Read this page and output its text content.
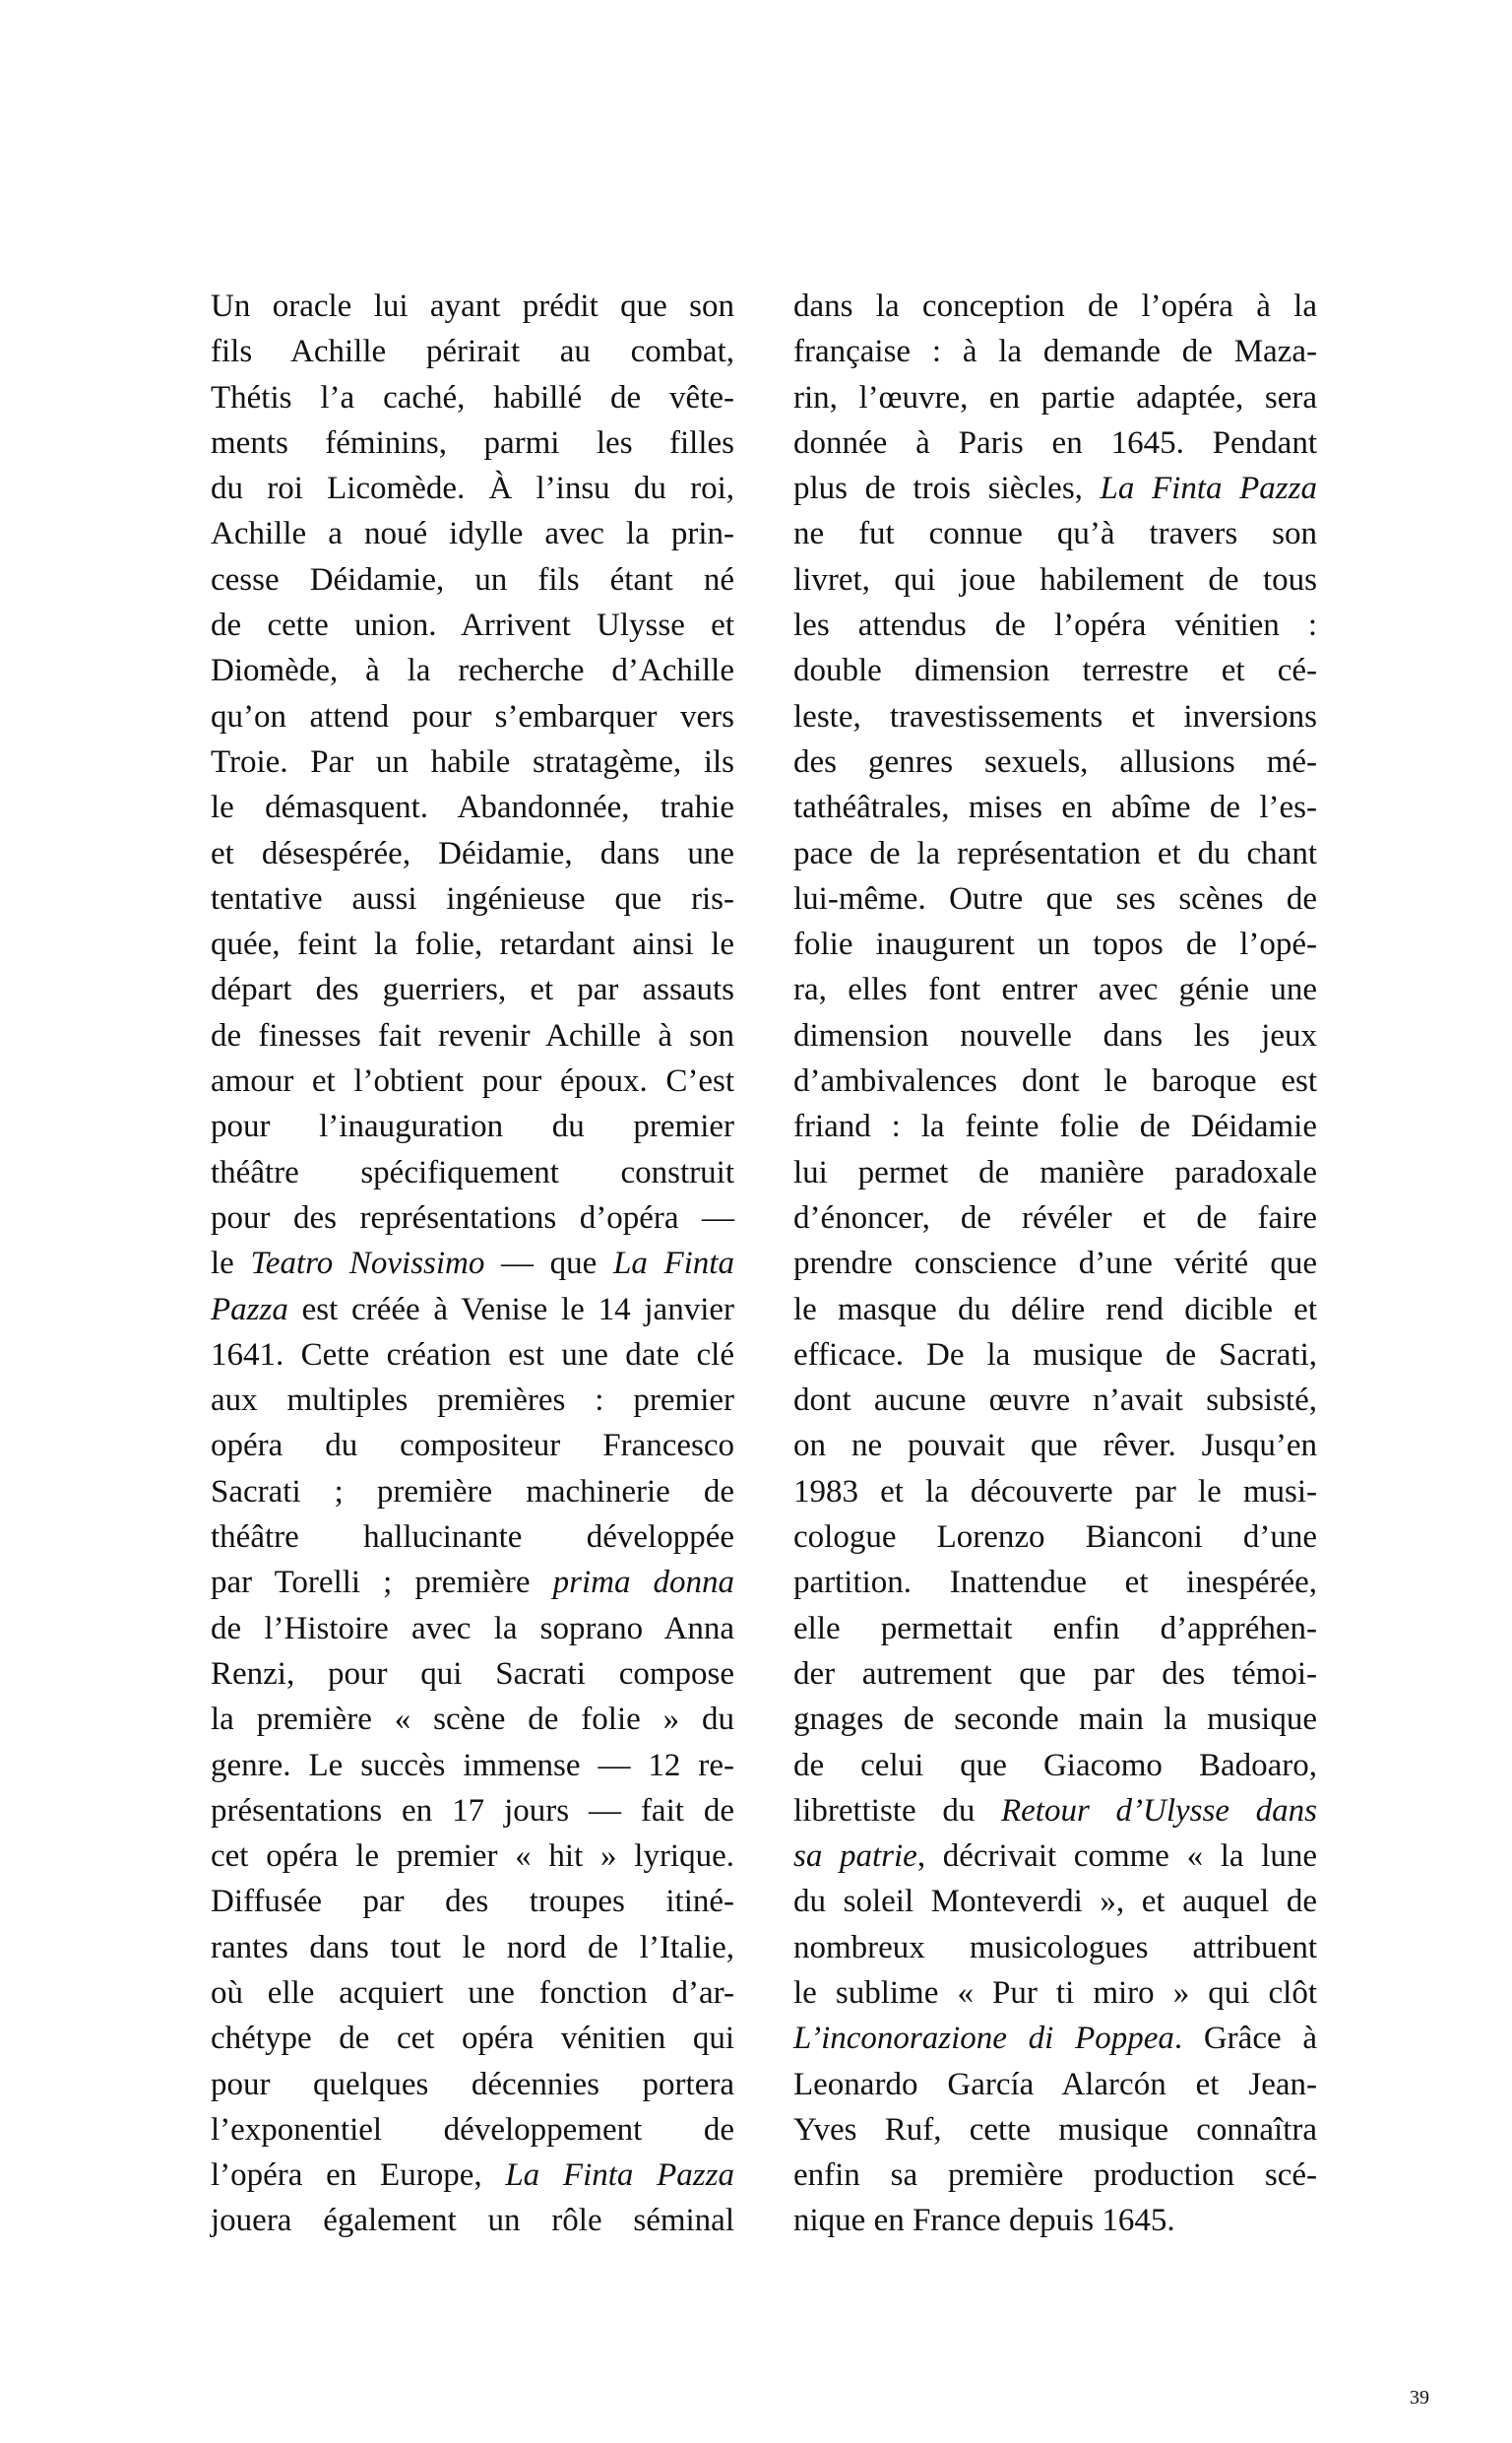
Un oracle lui ayant prédit que son
fils Achille périrait au combat,
Thétis l’a caché, habillé de vête-
ments féminins, parmi les filles
du roi Licomède. À l’insu du roi,
Achille a noué idylle avec la prin-
cesse Déidamie, un fils étant né
de cette union. Arrivent Ulysse et
Diomède, à la recherche d’Achille
qu’on attend pour s’embarquer vers
Troie. Par un habile stratagème, ils
le démasquent. Abandonnée, trahie
et désespérée, Déidamie, dans une
tentative aussi ingénieuse que ris-
quée, feint la folie, retardant ainsi le
départ des guerriers, et par assauts
de finesses fait revenir Achille à son
amour et l’obtient pour époux. C’est
pour l’inauguration du premier
théâtre spécifiquement construit
pour des représentations d’opéra —
le Teatro Novissimo — que La Finta
Pazza est créée à Venise le 14 janvier
1641. Cette création est une date clé
aux multiples premières : premier
opéra du compositeur Francesco
Sacrati ; première machinerie de
théâtre hallucinante développée
par Torelli ; première prima donna
de l’Histoire avec la soprano Anna
Renzi, pour qui Sacrati compose
la première « scène de folie » du
genre. Le succès immense — 12 re-
présentations en 17 jours — fait de
cet opéra le premier « hit » lyrique.
Diffusée par des troupes itiné-
rantes dans tout le nord de l’Italie,
où elle acquiert une fonction d’ar-
chétype de cet opéra vénitien qui
pour quelques décennies portera
l’exponentiel développement de
l’opéra en Europe, La Finta Pazza
jouera également un rôle séminal
dans la conception de l’opéra à la
française : à la demande de Maza-
rin, l’œuvre, en partie adaptée, sera
donnée à Paris en 1645. Pendant
plus de trois siècles, La Finta Pazza
ne fut connue qu’à travers son
livret, qui joue habilement de tous
les attendus de l’opéra vénitien :
double dimension terrestre et cé-
leste, travestissements et inversions
des genres sexuels, allusions mé-
tathéâtrales, mises en abîme de l’es-
pace de la représentation et du chant
lui-même. Outre que ses scènes de
folie inaugurent un topos de l’opé-
ra, elles font entrer avec génie une
dimension nouvelle dans les jeux
d’ambivalences dont le baroque est
friand : la feinte folie de Déidamie
lui permet de manière paradoxale
d’énoncer, de révéler et de faire
prendre conscience d’une vérité que
le masque du délire rend dicible et
efficace. De la musique de Sacrati,
dont aucune œuvre n’avait subsisté,
on ne pouvait que rêver. Jusqu’en
1983 et la découverte par le musi-
cologue Lorenzo Bianconi d’une
partition. Inattendue et inespérée,
elle permettait enfin d’appréhen-
der autrement que par des témoi-
gnages de seconde main la musique
de celui que Giacomo Badoaro,
librettiste du Retour d’Ulysse dans
sa patrie, décrivait comme « la lune
du soleil Monteverdi », et auquel de
nombreux musicologues attribuent
le sublime « Pur ti miro » qui clôt
L’inconorazione di Poppea. Grâce à
Leonardo García Alarcón et Jean-
Yves Ruf, cette musique connaîtra
enfin sa première production scé-
nique en France depuis 1645.
39
